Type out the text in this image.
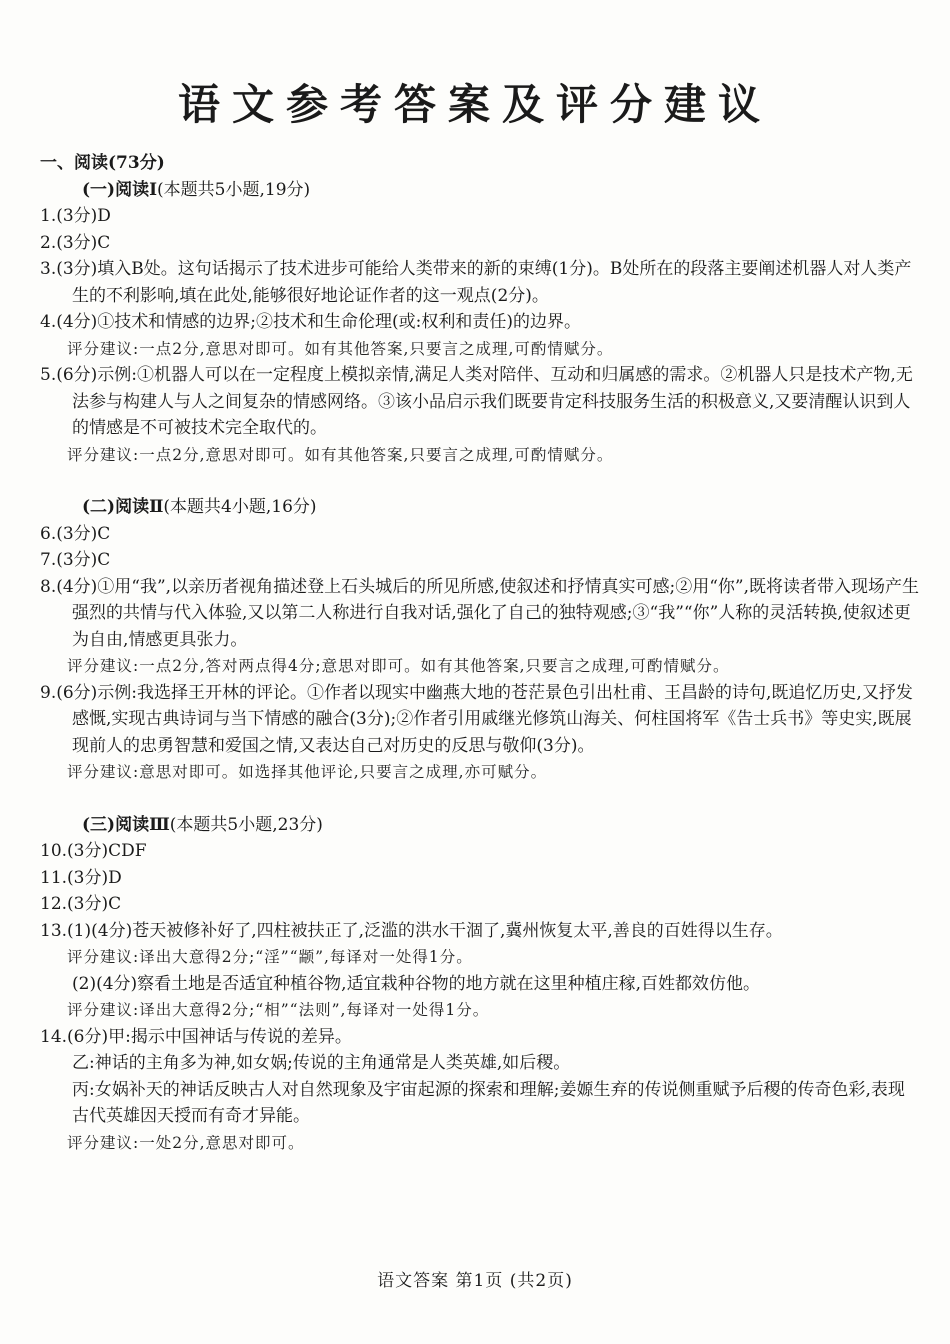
语文参考答案及评分建议
一、阅读(73分)
(一)阅读Ⅰ(本题共5小题,19分)
1.(3分)D
2.(3分)C
3.(3分)填入B处。这句话揭示了技术进步可能给人类带来的新的束缚(1分)。B处所在的段落主要阐述机器人对人类产生的不利影响,填在此处,能够很好地论证作者的这一观点(2分)。
4.(4分)①技术和情感的边界;②技术和生命伦理(或:权利和责任)的边界。
评分建议:一点2分,意思对即可。如有其他答案,只要言之成理,可酌情赋分。
5.(6分)示例:①机器人可以在一定程度上模拟亲情,满足人类对陪伴、互动和归属感的需求。②机器人只是技术产物,无法参与构建人与人之间复杂的情感网络。③该小品启示我们既要肯定科技服务生活的积极意义,又要清醒认识到人的情感是不可被技术完全取代的。
评分建议:一点2分,意思对即可。如有其他答案,只要言之成理,可酌情赋分。
(二)阅读Ⅱ(本题共4小题,16分)
6.(3分)C
7.(3分)C
8.(4分)①用“我”,以亲历者视角描述登上石头城后的所见所感,使叙述和抒情真实可感;②用“你”,既将读者带入现场产生强烈的共情与代入体验,又以第二人称进行自我对话,强化了自己的独特观感;③“我”“你”人称的灵活转换,使叙述更为自由,情感更具张力。
评分建议:一点2分,答对两点得4分;意思对即可。如有其他答案,只要言之成理,可酌情赋分。
9.(6分)示例:我选择王开林的评论。①作者以现实中幽燕大地的苍茫景色引出杜甫、王昌龄的诗句,既追忆历史,又抒发感慨,实现古典诗词与当下情感的融合(3分);②作者引用戚继光修筑山海关、何柱国将军《告士兵书》等史实,既展现前人的忠勇智慧和爱国之情,又表达自己对历史的反思与敬仰(3分)。
评分建议:意思对即可。如选择其他评论,只要言之成理,亦可赋分。
(三)阅读Ⅲ(本题共5小题,23分)
10.(3分)CDF
11.(3分)D
12.(3分)C
13.(1)(4分)苍天被修补好了,四柱被扶正了,泛滥的洪水干涸了,冀州恢复太平,善良的百姓得以生存。
评分建议:译出大意得2分;“淫”“颛”,每译对一处得1分。
(2)(4分)察看土地是否适宜种植谷物,适宜栽种谷物的地方就在这里种植庄稼,百姓都效仿他。
评分建议:译出大意得2分;“相”“法则”,每译对一处得1分。
14.(6分)甲:揭示中国神话与传说的差异。
乙:神话的主角多为神,如女娲;传说的主角通常是人类英雄,如后稷。
丙:女娲补天的神话反映古人对自然现象及宇宙起源的探索和理解;姜嫄生弃的传说侧重赋予后稷的传奇色彩,表现古代英雄因天授而有奇才异能。
评分建议:一处2分,意思对即可。
语文答案 第1页 (共2页)
